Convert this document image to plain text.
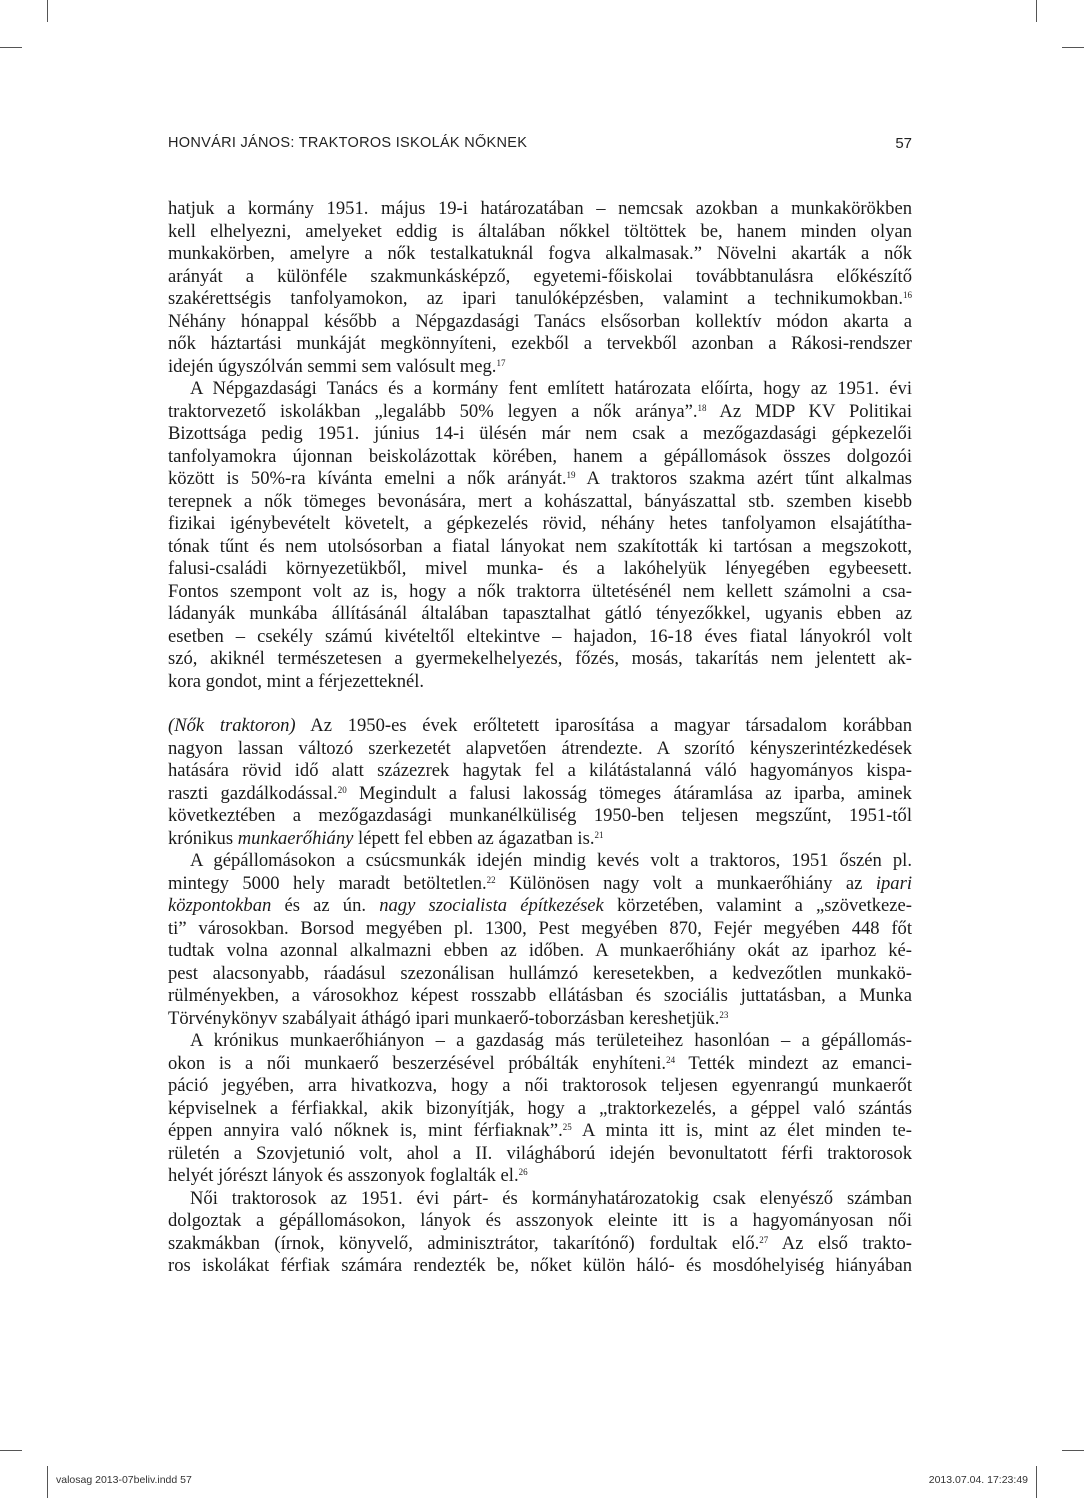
HONVÁRI JÁNOS: TRAKTOROS ISKOLÁK NŐKNEK	57
hatjuk a kormány 1951. május 19-i határozatában – nemcsak azokban a munkakörökben
kell elhelyezni, amelyeket eddig is általában nőkkel töltöttek be, hanem minden olyan
munkakörben, amelyre a nők testalkatuknál fogva alkalmasak.” Növelni akarták a nők
arányát a különféle szakmunkásképző, egyetemi-főiskolai továbbtanulásra előkészítő
szakérettségis tanfolyamokon, az ipari tanulóképzésben, valamint a technikumokban.$^{16}$
Néhány hónappal később a Népgazdasági Tanács elsősorban kollektív módon akarta a
nők háztartási munkáját megkönnyíteni, ezekből a tervekből azonban a Rákosi-rendszer
idején úgyszólván semmi sem valósult meg.$^{17}$
A Népgazdasági Tanács és a kormány fent említett határozata előírta, hogy az 1951. évi
traktorvezető iskolákban „legalább 50% legyen a nők aránya”.$^{18}$ Az MDP KV Politikai
Bizottsága pedig 1951. június 14-i ülésén már nem csak a mezőgazdasági gépkezelői
tanfolyamokra újonnan beiskolázottak körében, hanem a gépállomások összes dolgozói
között is 50%-ra kívánta emelni a nők arányát.$^{19}$ A traktoros szakma azért tűnt alkalmas
terepnek a nők tömeges bevonására, mert a kohászattal, bányászattal stb. szemben kisebb
fizikai igénybevételt követelt, a gépkezelés rövid, néhány hetes tanfolyamon elsajátítha-
tónak tűnt és nem utolsósorban a fiatal lányokat nem szakították ki tartósan a megszokott,
falusi-családi környezetükből, mivel munka- és a lakóhelyük lényegében egybeesett.
Fontos szempont volt az is, hogy a nők traktorra ültetésénél nem kellett számolni a csa-
ládanyák munkába állításánál általában tapasztalhat gátló tényezőkkel, ugyanis ebben az
esetben – csekély számú kivételtől eltekintve – hajadon, 16-18 éves fiatal lányokról volt
szó, akiknél természetesen a gyermekelhelyezés, főzés, mosás, takarítás nem jelentett ak-
kora gondot, mint a férjezetteknél.
(Nők traktoron) Az 1950-es évek erőltetett iparosítása a magyar társadalom korábban
nagyon lassan változó szerkezetét alapvetően átrendezte. A szorító kényszerintézkedések
hatására rövid idő alatt százezrek hagytak fel a kilátástalanná váló hagyományos kispa-
raszti gazdálkodással.$^{20}$ Megindult a falusi lakosság tömeges átáramlása az iparba, aminek
következtében a mezőgazdasági munkanélküliség 1950-ben teljesen megszűnt, 1951-től
krónikus munkaerőhiány lépett fel ebben az ágazatban is.$^{21}$
A gépállomásokon a csúcsmunkák idején mindig kevés volt a traktoros, 1951 őszén pl.
mintegy 5000 hely maradt betöltetlen.$^{22}$ Különösen nagy volt a munkaerőhiány az ipari
központokban és az ún. nagy szocialista építkezések körzetében, valamint a „szövetkeze-
ti” városokban. Borsod megyében pl. 1300, Pest megyében 870, Fejér megyében 448 főt
tudtak volna azonnal alkalmazni ebben az időben. A munkaerőhiány okát az iparhoz ké-
pest alacsonyabb, ráadásul szezonálisan hullámzó keresetekben, a kedvezőtlen munkakö-
rülményekben, a városokhoz képest rosszabb ellátásban és szociális juttatásban, a Munka
Törvénykönyv szabályait áthágó ipari munkaerő-toborzásban kereshetjük.$^{23}$
A krónikus munkaerőhiányon – a gazdaság más területeihez hasonlóan – a gépállomás-
okon is a női munkaerő beszerzésével próbálták enyhíteni.$^{24}$ Tették mindezt az emanci-
páció jegyében, arra hivatkozva, hogy a női traktorosok teljesen egyenrangú munkaerőt
képviselnek a férfiakkal, akik bizonyítják, hogy a „traktorkezelés, a géppel való szántás
éppen annyira való nőknek is, mint férfiaknak”.$^{25}$ A minta itt is, mint az élet minden te-
rületén a Szovjetunió volt, ahol a II. világháború idején bevonultatott férfi traktorosok
helyét jórészt lányok és asszonyok foglalták el.$^{26}$
Női traktorosok az 1951. évi párt- és kormányhatározatokig csak elenyésző számban
dolgoztak a gépállomásokon, lányok és asszonyok eleinte itt is a hagyományosan női
szakmákban (írnok, könyvelő, adminisztrátor, takarítónő) fordultak elő.$^{27}$ Az első trakto-
ros iskolákat férfiak számára rendezték be, nőket külön háló- és mosdóhelyiség hiányában
valosag 2013-07beliv.indd 57	2013.07.04. 17:23:49
